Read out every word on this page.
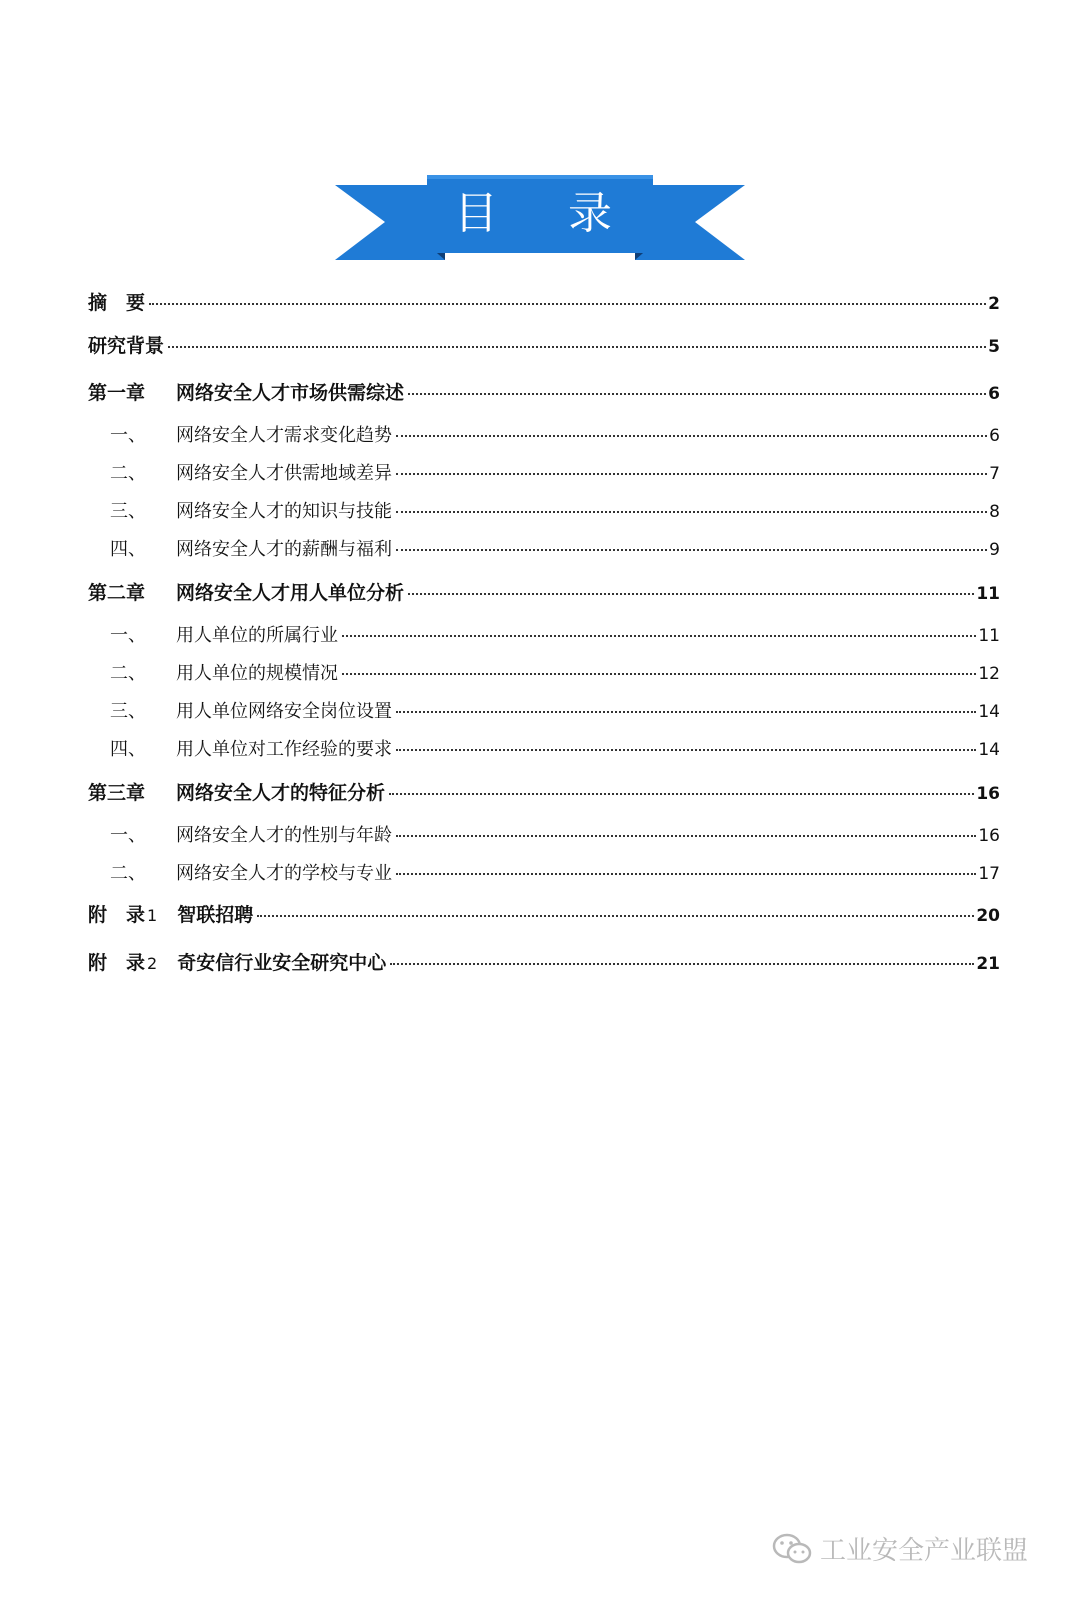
目  录
摘　要	2
研究背景	5
第一章	网络安全人才市场供需综述	6
一、	网络安全人才需求变化趋势	6
二、	网络安全人才供需地域差异	7
三、	网络安全人才的知识与技能	8
四、	网络安全人才的薪酬与福利	9
第二章	网络安全人才用人单位分析	11
一、	用人单位的所属行业	11
二、	用人单位的规模情况	12
三、	用人单位网络安全岗位设置	14
四、	用人单位对工作经验的要求	14
第三章	网络安全人才的特征分析	16
一、	网络安全人才的性别与年龄	16
二、	网络安全人才的学校与专业	17
附　录 1 智联招聘	20
附　录 2 奇安信行业安全研究中心	21
工业安全产业联盟
